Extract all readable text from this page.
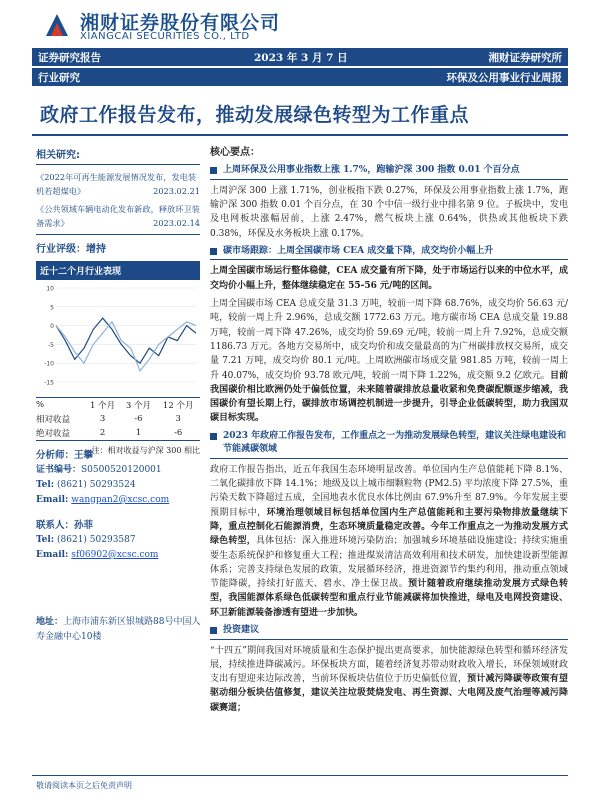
湘财证券股份有限公司
XIANGCAI SECURITIES CO., LTD
证券研究报告	2023 年 3 月 7 日	湘财证券研究所
行业研究	环保及公用事业行业周报
政府工作报告发布，推动发展绿色转型为工作重点
相关研究:
《2022年可再生能源发展情况发布，发电装机若超煤电》	2023.02.21
《公共领域车辆电动化发布新政，释放环卫装备需求》	2023.02.14
行业评级：增持
近十二个月行业表现
-15
-10
-5
0
5
10
%	1 个月	3 个月	12 个月
相对收益	3	-6	3
绝对收益	2	1	-6
注：相对收益与沪深 300 相比
分析师：王攀
证书编号：S0500520120001
Tel: (8621) 50293524
Email: wangpan2@xcsc.com
联系人：孙菲
Tel: (8621) 50293587
Email: sf06902@xcsc.com
地址：上海市浦东新区银城路88号中国人寿金融中心10楼
核心要点：
上周环保及公用事业指数上涨 1.7%，跑输沪深 300 指数 0.01 个百分点
上周沪深 300 上涨 1.71%，创业板指下跌 0.27%，环保及公用事业指数上涨 1.7%，跑输沪深 300 指数 0.01 个百分点，在 30 个中信一级行业中排名第 9 位。子板块中，发电及电网板块涨幅居前，上涨 2.47%，燃气板块上涨 0.64%，供热或其他板块下跌 0.38%，环保及水务板块上涨 0.17%。
碳市场跟踪：上周全国碳市场 CEA 成交量下降，成交均价小幅上升
上周全国碳市场运行整体稳健，CEA 成交量有所下降，处于市场运行以来的中位水平，成交均价小幅上升，整体继续稳定在 55-56 元/吨的区间。
上周全国碳市场 CEA 总成交量 31.3 万吨，较前一周下降 68.76%，成交均价 56.63 元/吨，较前一周上升 2.96%，总成交额 1772.63 万元。地方碳市场 CEA 总成交量 19.88 万吨，较前一周下降 47.26%，成交均价 59.69 元/吨，较前一周上升 7.92%，总成交额 1186.73 万元。各地方交易所中，成交均价和成交量最高的为广州碳排放权交易所，成交量 7.21 万吨，成交均价 80.1 元/吨。上周欧洲碳市场成交量 981.85 万吨，较前一周上升 40.07%，成交均价 93.78 欧元/吨，较前一周下降 1.22%，成交额 9.2 亿欧元。目前我国碳价相比欧洲仍处于偏低位置，未来随着碳排放总量收紧和免费碳配额逐步缩减，我国碳价有望长期上行，碳排放市场调控机制进一步提升，引导企业低碳转型，助力我国双碳目标实现。
2023 年政府工作报告发布，工作重点之一为推动发展绿色转型，建议关注绿电建设和节能减碳领域
政府工作报告指出，近五年我国生态环境明显改善。单位国内生产总值能耗下降 8.1%、二氧化碳排放下降 14.1%；地级及以上城市细颗粒物 (PM2.5) 平均浓度下降 27.5%，重污染天数下降超过五成，全国地表水优良水体比例由 67.9%升至 87.9%。今年发展主要预期目标中，环境治理领域目标包括单位国内生产总值能耗和主要污染物排放量继续下降，重点控制化石能源消费，生态环境质量稳定改善。今年工作重点之一为推动发展方式绿色转型，具体包括：深入推进环境污染防治；加强城乡环境基础设施建设；持续实施重要生态系统保护和修复重大工程；推进煤炭清洁高效利用和技术研发，加快建设新型能源体系；完善支持绿色发展的政策，发展循环经济，推进资源节约集约利用，推动重点领域节能降碳，持续打好蓝天、碧水、净土保卫战。预计随着政府继续推动发展方式绿色转型，我国能源体系绿色低碳转型和重点行业节能减碳将加快推进，绿电及电网投资建设、环卫新能源装备渗透有望进一步加快。
投资建议
“十四五”期间我国对环境质量和生态保护提出更高要求，加快能源绿色转型和循环经济发展，持续推进降碳减污。环保板块方面，随着经济复苏带动财政收入增长，环保领域财政支出有望迎来边际改善，当前环保板块估值位于历史偏低位置，预计减污降碳等政策有望驱动细分板块估值修复，建议关注垃圾焚烧发电、再生资源、大电网及废气治理等减污降碳赛道；
敬请阅读本页之后免责声明
